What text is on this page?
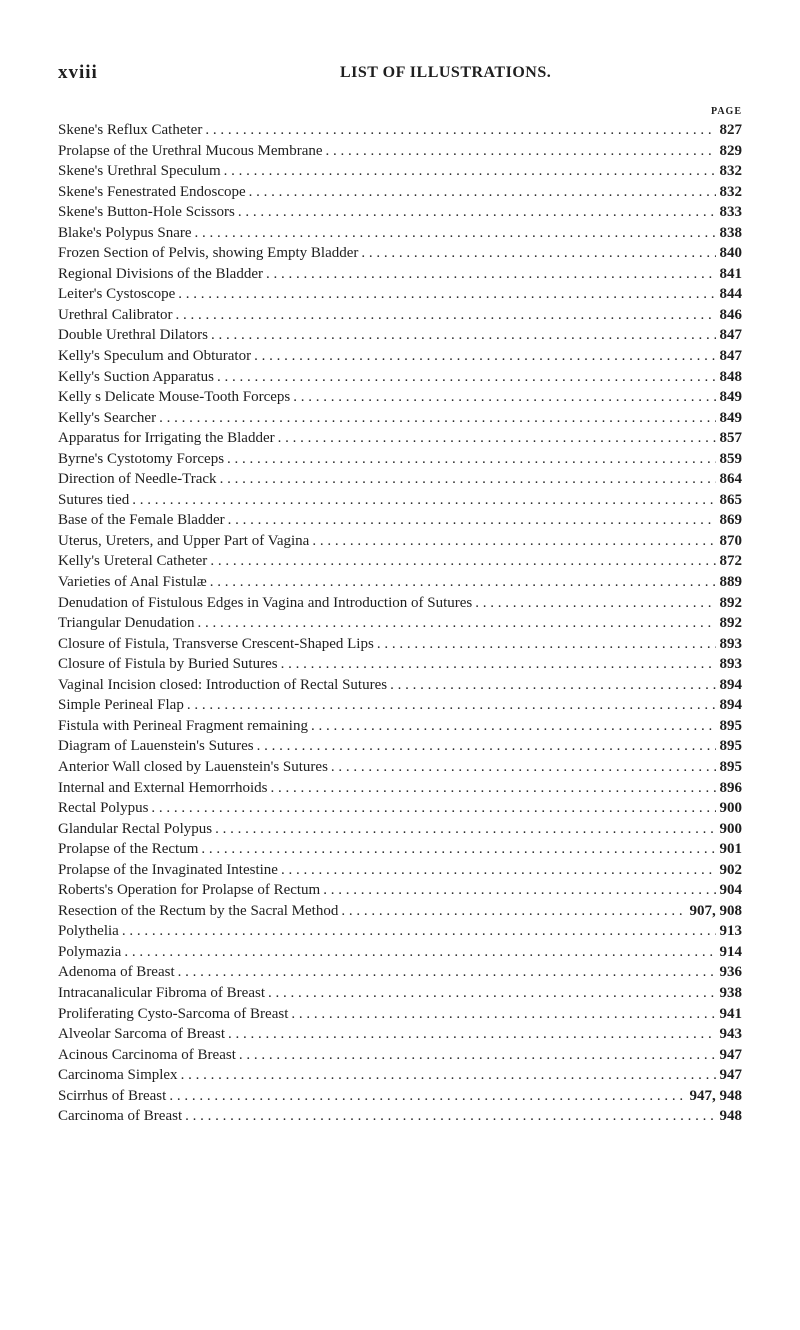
xviii	LIST OF ILLUSTRATIONS.
PAGE
Skene's Reflux Catheter . . .	827
Prolapse of the Urethral Mucous Membrane . . .	829
Skene's Urethral Speculum . . .	832
Skene's Fenestrated Endoscope . . .	832
Skene's Button-Hole Scissors . . .	833
Blake's Polypus Snare . . .	838
Frozen Section of Pelvis, showing Empty Bladder . . .	840
Regional Divisions of the Bladder . . .	841
Leiter's Cystoscope . . .	844
Urethral Calibrator . . .	846
Double Urethral Dilators . . .	847
Kelly's Speculum and Obturator . . .	847
Kelly's Suction Apparatus . . .	848
Kelly s Delicate Mouse-Tooth Forceps . . .	849
Kelly's Searcher . . .	849
Apparatus for Irrigating the Bladder . . .	857
Byrne's Cystotomy Forceps . . .	859
Direction of Needle-Track . . .	864
Sutures tied . . .	865
Base of the Female Bladder . . .	869
Uterus, Ureters, and Upper Part of Vagina . . .	870
Kelly's Ureteral Catheter . . .	872
Varieties of Anal Fistulæ . . .	889
Denudation of Fistulous Edges in Vagina and Introduction of Sutures . . .	892
Triangular Denudation . . .	892
Closure of Fistula, Transverse Crescent-Shaped Lips . . .	893
Closure of Fistula by Buried Sutures . . .	893
Vaginal Incision closed: Introduction of Rectal Sutures . . .	894
Simple Perineal Flap . . .	894
Fistula with Perineal Fragment remaining . . .	895
Diagram of Lauenstein's Sutures . . .	895
Anterior Wall closed by Lauenstein's Sutures . . .	895
Internal and External Hemorrhoids . . .	896
Rectal Polypus . . .	900
Glandular Rectal Polypus . . .	900
Prolapse of the Rectum . . .	901
Prolapse of the Invaginated Intestine . . .	902
Roberts's Operation for Prolapse of Rectum . . .	904
Resection of the Rectum by the Sacral Method . . .	907, 908
Polythelia . . .	913
Polymazia . . .	914
Adenoma of Breast . . .	936
Intracanalicular Fibroma of Breast . . .	938
Proliferating Cysto-Sarcoma of Breast . . .	941
Alveolar Sarcoma of Breast . . .	943
Acinous Carcinoma of Breast . . .	947
Carcinoma Simplex . . .	947
Scirrhus of Breast . . .	947, 948
Carcinoma of Breast . . .	948
